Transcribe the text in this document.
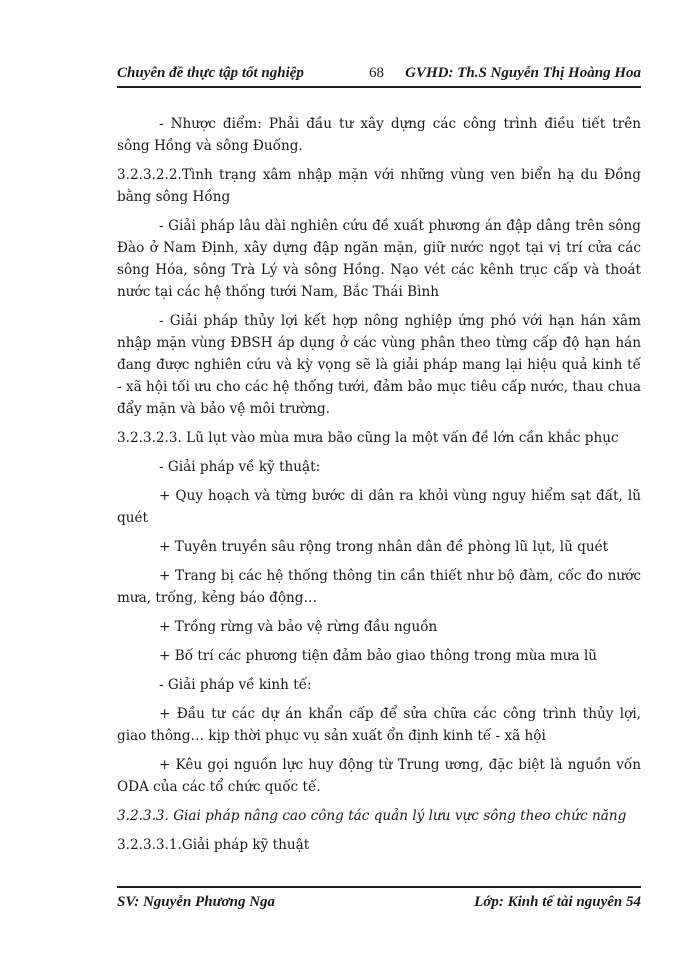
Chuyên đề thực tập tốt nghiệp	68 GVHD: Th.S Nguyễn Thị Hoàng Hoa

- Nhược điểm: Phải đầu tư xây dựng các công trình điều tiết trên sông Hồng và sông Đuống.

3.2.3.2.2.Tình trạng xâm nhập mặn với những vùng ven biển hạ du Đồng bằng sông Hồng

- Giải pháp lâu dài nghiên cứu đề xuất phương án đập dâng trên sông Đào ở Nam Định, xây dựng đập ngăn mặn, giữ nước ngọt tại vị trí cửa các sông Hóa, sông Trà Lý và sông Hồng. Nạo vét các kênh trục cấp và thoát nước tại các hệ thống tưới Nam, Bắc Thái Bình

- Giải pháp thủy lợi kết hợp nông nghiệp ứng phó với hạn hán xâm nhập mặn vùng ĐBSH áp dụng ở các vùng phân theo từng cấp độ hạn hán đang được nghiên cứu và kỳ vọng sẽ là giải pháp mang lại hiệu quả kinh tế - xã hội tối ưu cho các hệ thống tưới, đảm bảo mục tiêu cấp nước, thau chua đẩy mặn và bảo vệ môi trường.

3.2.3.2.3. Lũ lụt vào mùa mưa bão cũng la một vấn đề lớn cần khắc phục

- Giải pháp về kỹ thuật:

+ Quy hoạch và từng bước di dân ra khỏi vùng nguy hiểm sạt đất, lũ quét

+ Tuyên truyền sâu rộng trong nhân dân đề phòng lũ lụt, lũ quét

+ Trang bị các hệ thống thông tin cần thiết như bộ đàm, cốc đo nước mưa, trống, kẻng báo động…

+ Trồng rừng và bảo vệ rừng đầu nguồn

+ Bố trí các phương tiện đảm bảo giao thông trong mùa mưa lũ

- Giải pháp về kinh tế:

+ Đầu tư các dự án khẩn cấp để sửa chữa các công trình thủy lợi, giao thông… kịp thời phục vụ sản xuất ổn định kinh tế - xã hội

+ Kêu gọi nguồn lực huy động từ Trung ương, đặc biệt là nguồn vốn ODA của các tổ chức quốc tế.

3.2.3.3. Giai pháp nâng cao công tác quản lý lưu vực sông theo chức năng

3.2.3.3.1.Giải pháp kỹ thuật

SV: Nguyễn Phương Nga	Lớp: Kinh tế tài nguyên 54
